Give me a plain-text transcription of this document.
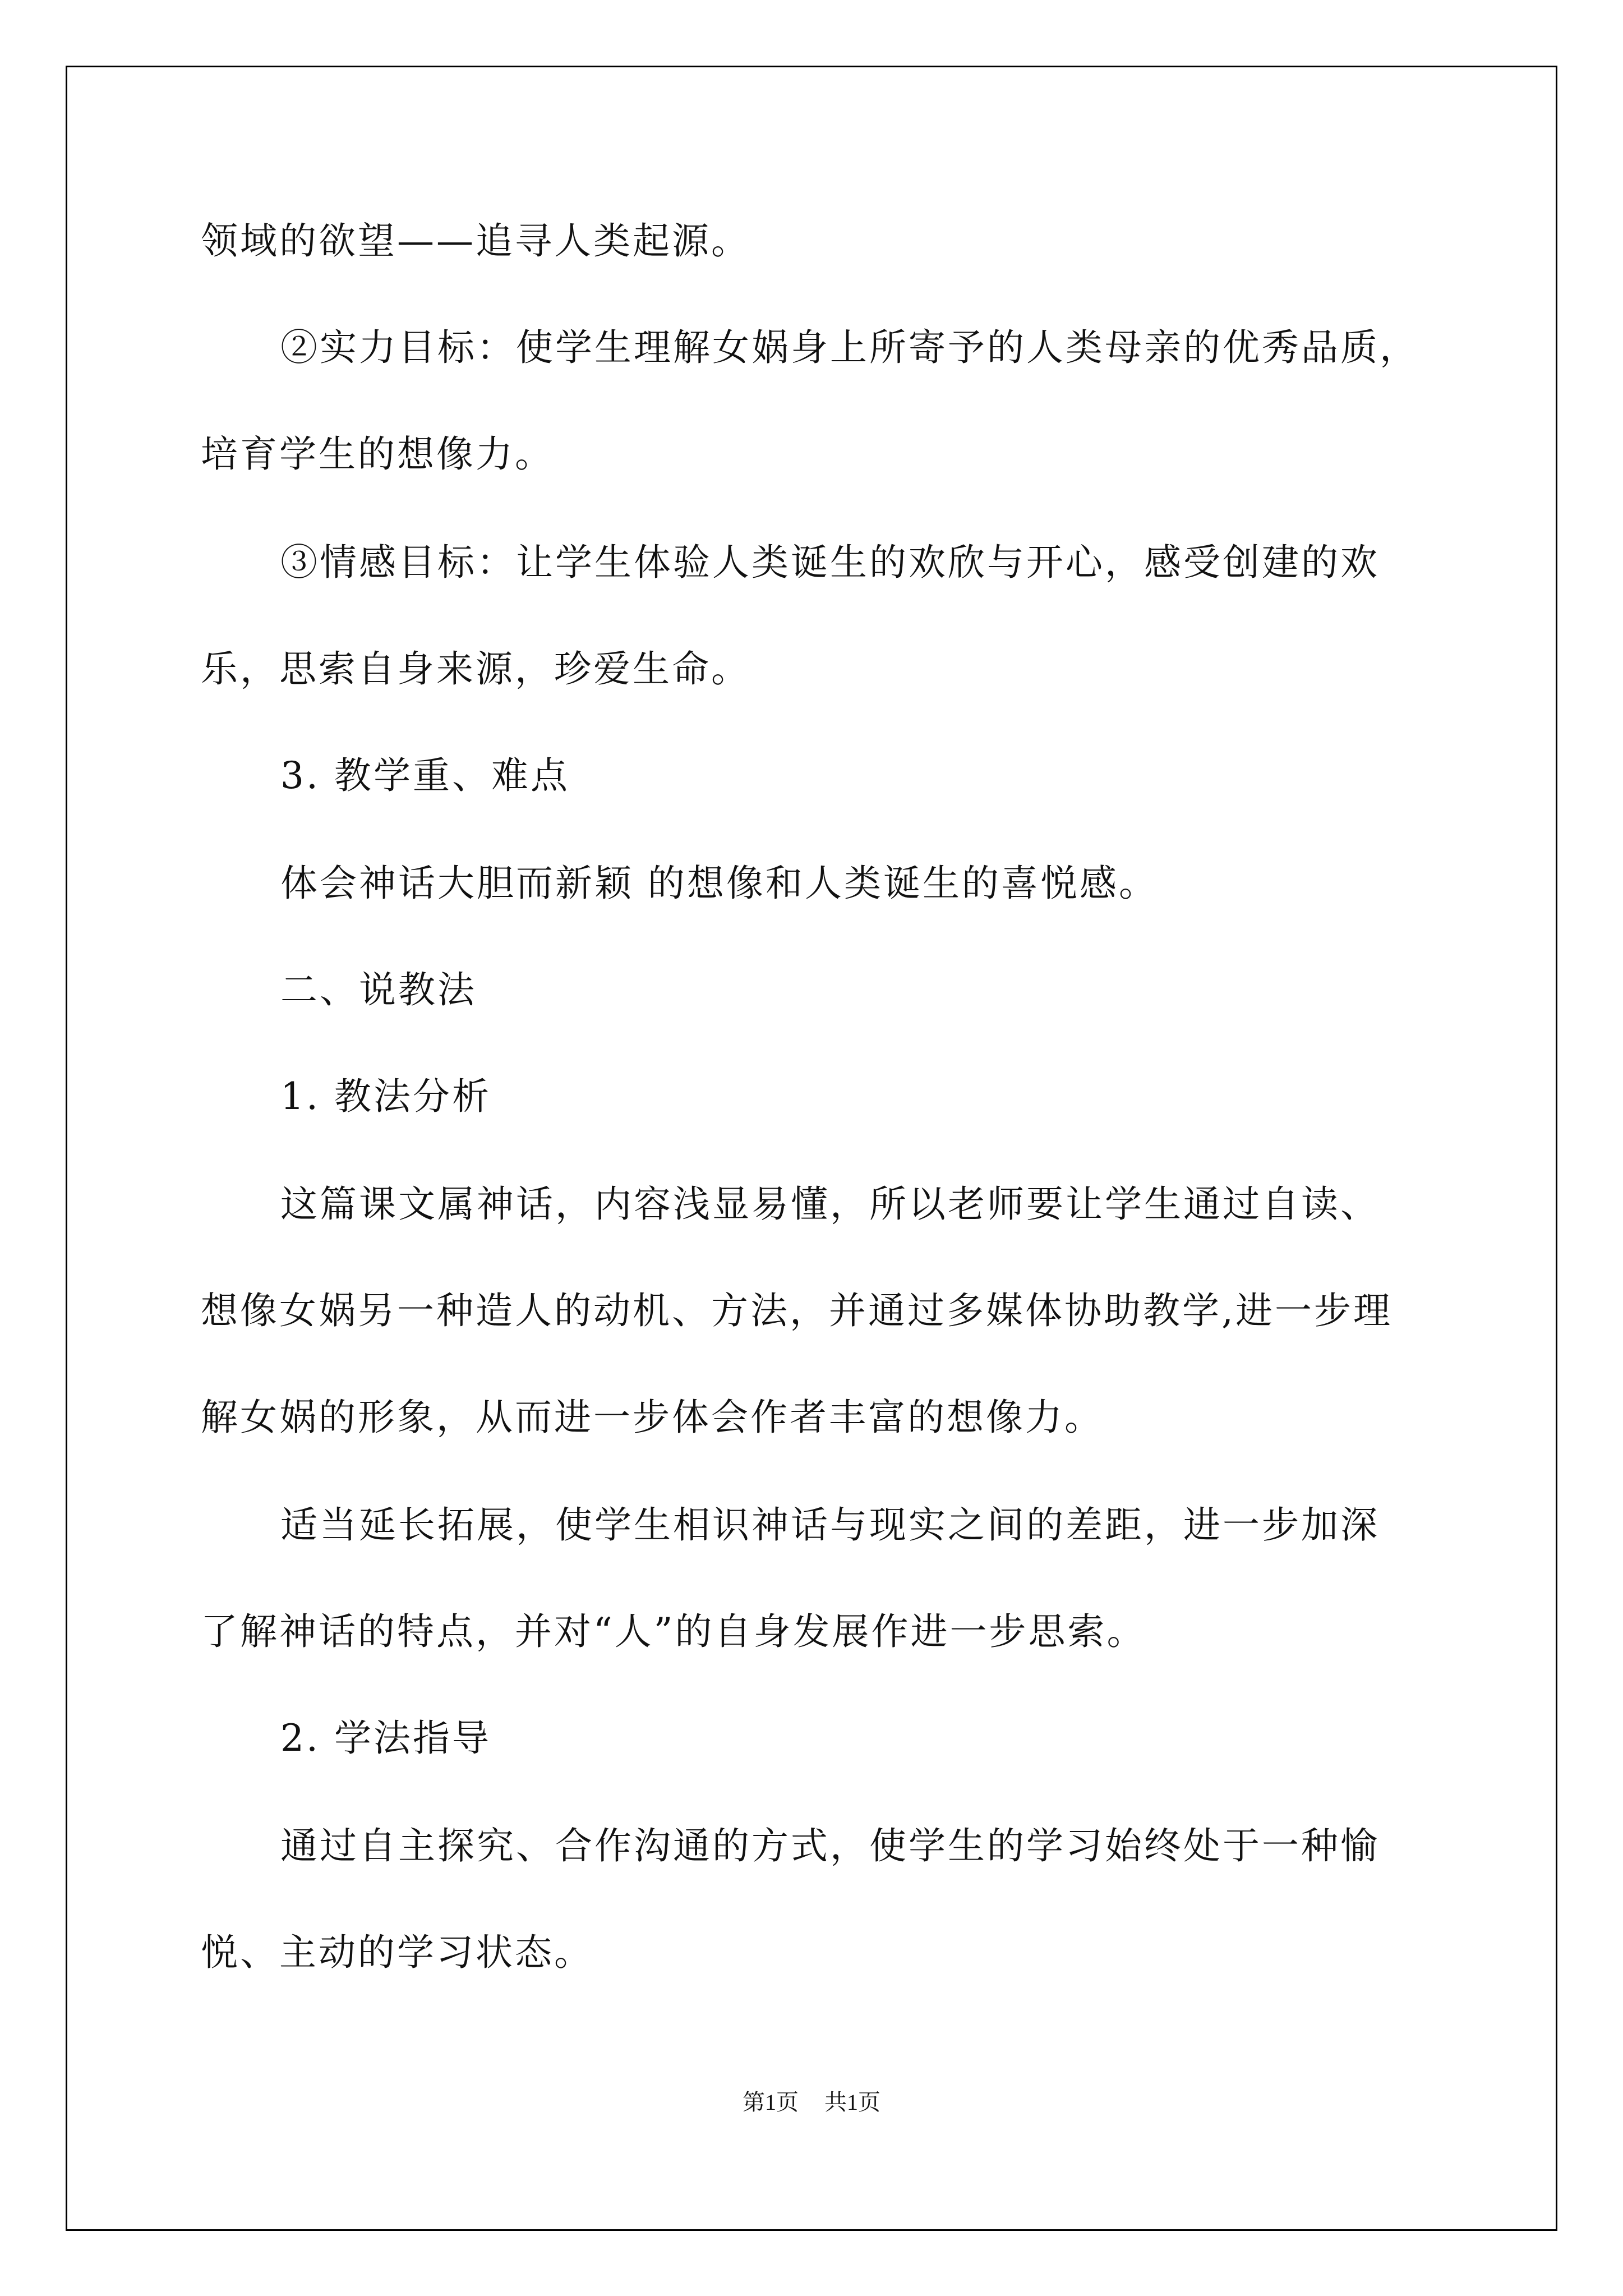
领域的欲望——追寻人类起源。
②实力目标：使学生理解女娲身上所寄予的人类母亲的优秀品质，
培育学生的想像力。
③情感目标：让学生体验人类诞生的欢欣与开心，感受创建的欢
乐，思索自身来源，珍爱生命。
3. 教学重、难点
体会神话大胆而新颖 的想像和人类诞生的喜悦感。
二、说教法
1. 教法分析
这篇课文属神话，内容浅显易懂，所以老师要让学生通过自读、
想像女娲另一种造人的动机、方法，并通过多媒体协助教学,进一步理
解女娲的形象，从而进一步体会作者丰富的想像力。
适当延长拓展，使学生相识神话与现实之间的差距，进一步加深
了解神话的特点，并对“人”的自身发展作进一步思索。
2. 学法指导
通过自主探究、合作沟通的方式，使学生的学习始终处于一种愉
悦、主动的学习状态。
第1页 共1页
